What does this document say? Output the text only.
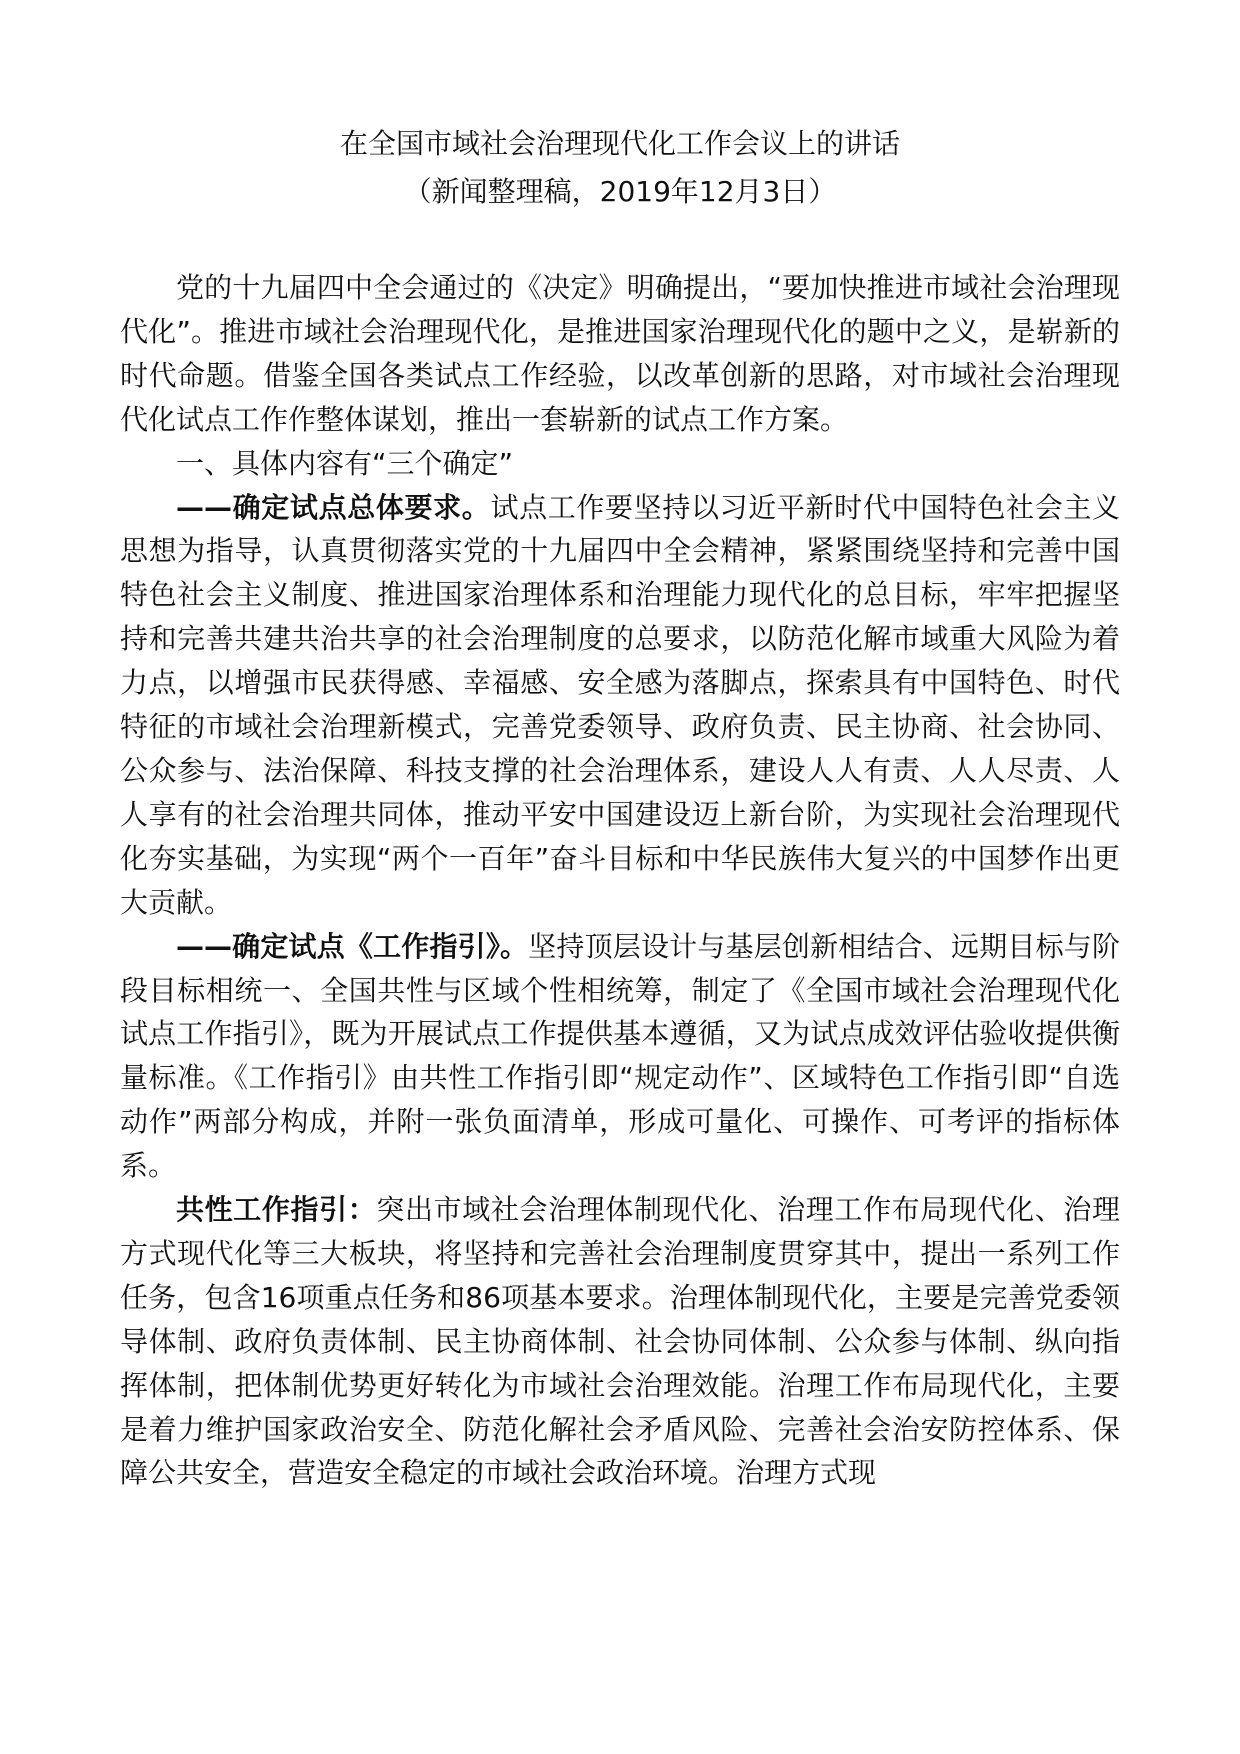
在全国市域社会治理现代化工作会议上的讲话
（新闻整理稿，2019年12月3日）

党的十九届四中全会通过的《决定》明确提出，“要加快推进市域社会治理现代化”。推进市域社会治理现代化，是推进国家治理现代化的题中之义，是崭新的时代命题。借鉴全国各类试点工作经验，以改革创新的思路，对市域社会治理现代化试点工作作整体谋划，推出一套崭新的试点工作方案。

一、具体内容有“三个确定”

——确定试点总体要求。试点工作要坚持以习近平新时代中国特色社会主义思想为指导，认真贯彻落实党的十九届四中全会精神，紧紧围绕坚持和完善中国特色社会主义制度、推进国家治理体系和治理能力现代化的总目标，牢牢把握坚持和完善共建共治共享的社会治理制度的总要求，以防范化解市域重大风险为着力点，以增强市民获得感、幸福感、安全感为落脚点，探索具有中国特色、时代特征的市域社会治理新模式，完善党委领导、政府负责、民主协商、社会协同、公众参与、法治保障、科技支撑的社会治理体系，建设人人有责、人人尽责、人人享有的社会治理共同体，推动平安中国建设迈上新台阶，为实现社会治理现代化夯实基础，为实现“两个一百年”奋斗目标和中华民族伟大复兴的中国梦作出更大贡献。

——确定试点《工作指引》。坚持顶层设计与基层创新相结合、远期目标与阶段目标相统一、全国共性与区域个性相统筹，制定了《全国市域社会治理现代化试点工作指引》，既为开展试点工作提供基本遵循，又为试点成效评估验收提供衡量标准。《工作指引》由共性工作指引即“规定动作”、区域特色工作指引即“自选动作”两部分构成，并附一张负面清单，形成可量化、可操作、可考评的指标体系。

共性工作指引：突出市域社会治理体制现代化、治理工作布局现代化、治理方式现代化等三大板块，将坚持和完善社会治理制度贯穿其中，提出一系列工作任务，包含16项重点任务和86项基本要求。治理体制现代化，主要是完善党委领导体制、政府负责体制、民主协商体制、社会协同体制、公众参与体制、纵向指挥体制，把体制优势更好转化为市域社会治理效能。治理工作布局现代化，主要是着力维护国家政治安全、防范化解社会矛盾风险、完善社会治安防控体系、保障公共安全，营造安全稳定的市域社会政治环境。治理方式现
